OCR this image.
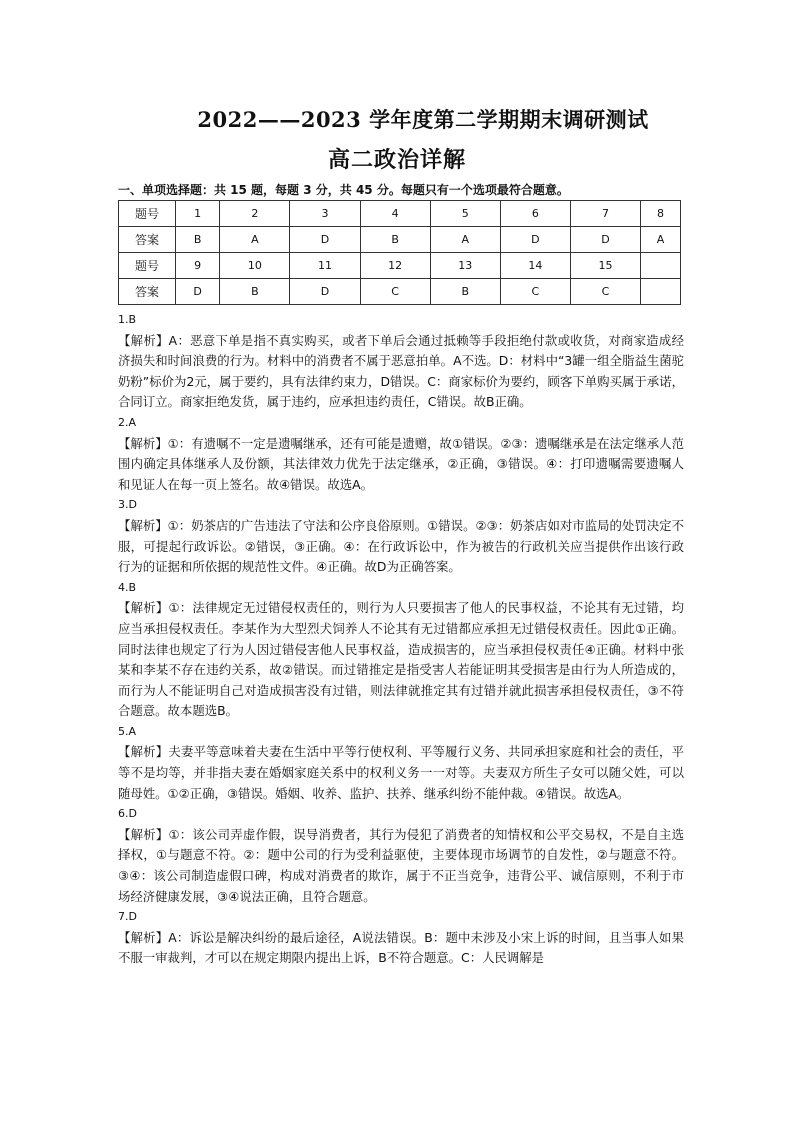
2022——2023 学年度第二学期期末调研测试
高二政治详解
一、单项选择题：共 15 题，每题 3 分，共 45 分。每题只有一个选项最符合题意。
题号	1	2	3	4	5	6	7	8
答案	B	A	D	B	A	D	D	A
题号	9	10	11	12	13	14	15	
答案	D	B	D	C	B	C	C	

1.B

【解析】A：恶意下单是指不真实购买，或者下单后会通过抵赖等手段拒绝付款或收货，对商家造成经济损失和时间浪费的行为。材料中的消费者不属于恶意拍单。A不选。D：材料中“3罐一组全脂益生菌驼奶粉”标价为2元，属于要约，具有法律约束力，D错误。C：商家标价为要约，顾客下单购买属于承诺，合同订立。商家拒绝发货，属于违约，应承担违约责任，C错误。故B正确。

2.A

【解析】①：有遗嘱不一定是遗嘱继承，还有可能是遗赠，故①错误。②③：遗嘱继承是在法定继承人范围内确定具体继承人及份额，其法律效力优先于法定继承，②正确，③错误。④：打印遗嘱需要遗嘱人和见证人在每一页上签名。故④错误。故选A。

3.D

【解析】①：奶茶店的广告违法了守法和公序良俗原则。①错误。②③：奶茶店如对市监局的处罚决定不服，可提起行政诉讼。②错误，③正确。④：在行政诉讼中，作为被告的行政机关应当提供作出该行政行为的证据和所依据的规范性文件。④正确。故D为正确答案。

4.B

【解析】①：法律规定无过错侵权责任的，则行为人只要损害了他人的民事权益，不论其有无过错，均应当承担侵权责任。李某作为大型烈犬饲养人不论其有无过错都应承担无过错侵权责任。因此①正确。同时法律也规定了行为人因过错侵害他人民事权益，造成损害的，应当承担侵权责任④正确。材料中张某和李某不存在违约关系，故②错误。而过错推定是指受害人若能证明其受损害是由行为人所造成的，而行为人不能证明自己对造成损害没有过错，则法律就推定其有过错并就此损害承担侵权责任，③不符合题意。故本题选B。

5.A

【解析】夫妻平等意味着夫妻在生活中平等行使权利、平等履行义务、共同承担家庭和社会的责任，平等不是均等，并非指夫妻在婚姻家庭关系中的权利义务一一对等。夫妻双方所生子女可以随父姓，可以随母姓。①②正确，③错误。婚姻、收养、监护、扶养、继承纠纷不能仲裁。④错误。故选A。

6.D

【解析】①：该公司弄虚作假，误导消费者，其行为侵犯了消费者的知情权和公平交易权，不是自主选择权，①与题意不符。②：题中公司的行为受利益驱使，主要体现市场调节的自发性，②与题意不符。③④：该公司制造虚假口碑，构成对消费者的欺诈，属于不正当竞争，违背公平、诚信原则，不利于市场经济健康发展，③④说法正确，且符合题意。

7.D

【解析】A：诉讼是解决纠纷的最后途径，A说法错误。B：题中未涉及小宋上诉的时间，且当事人如果不服一审裁判，才可以在规定期限内提出上诉，B不符合题意。C：人民调解是
